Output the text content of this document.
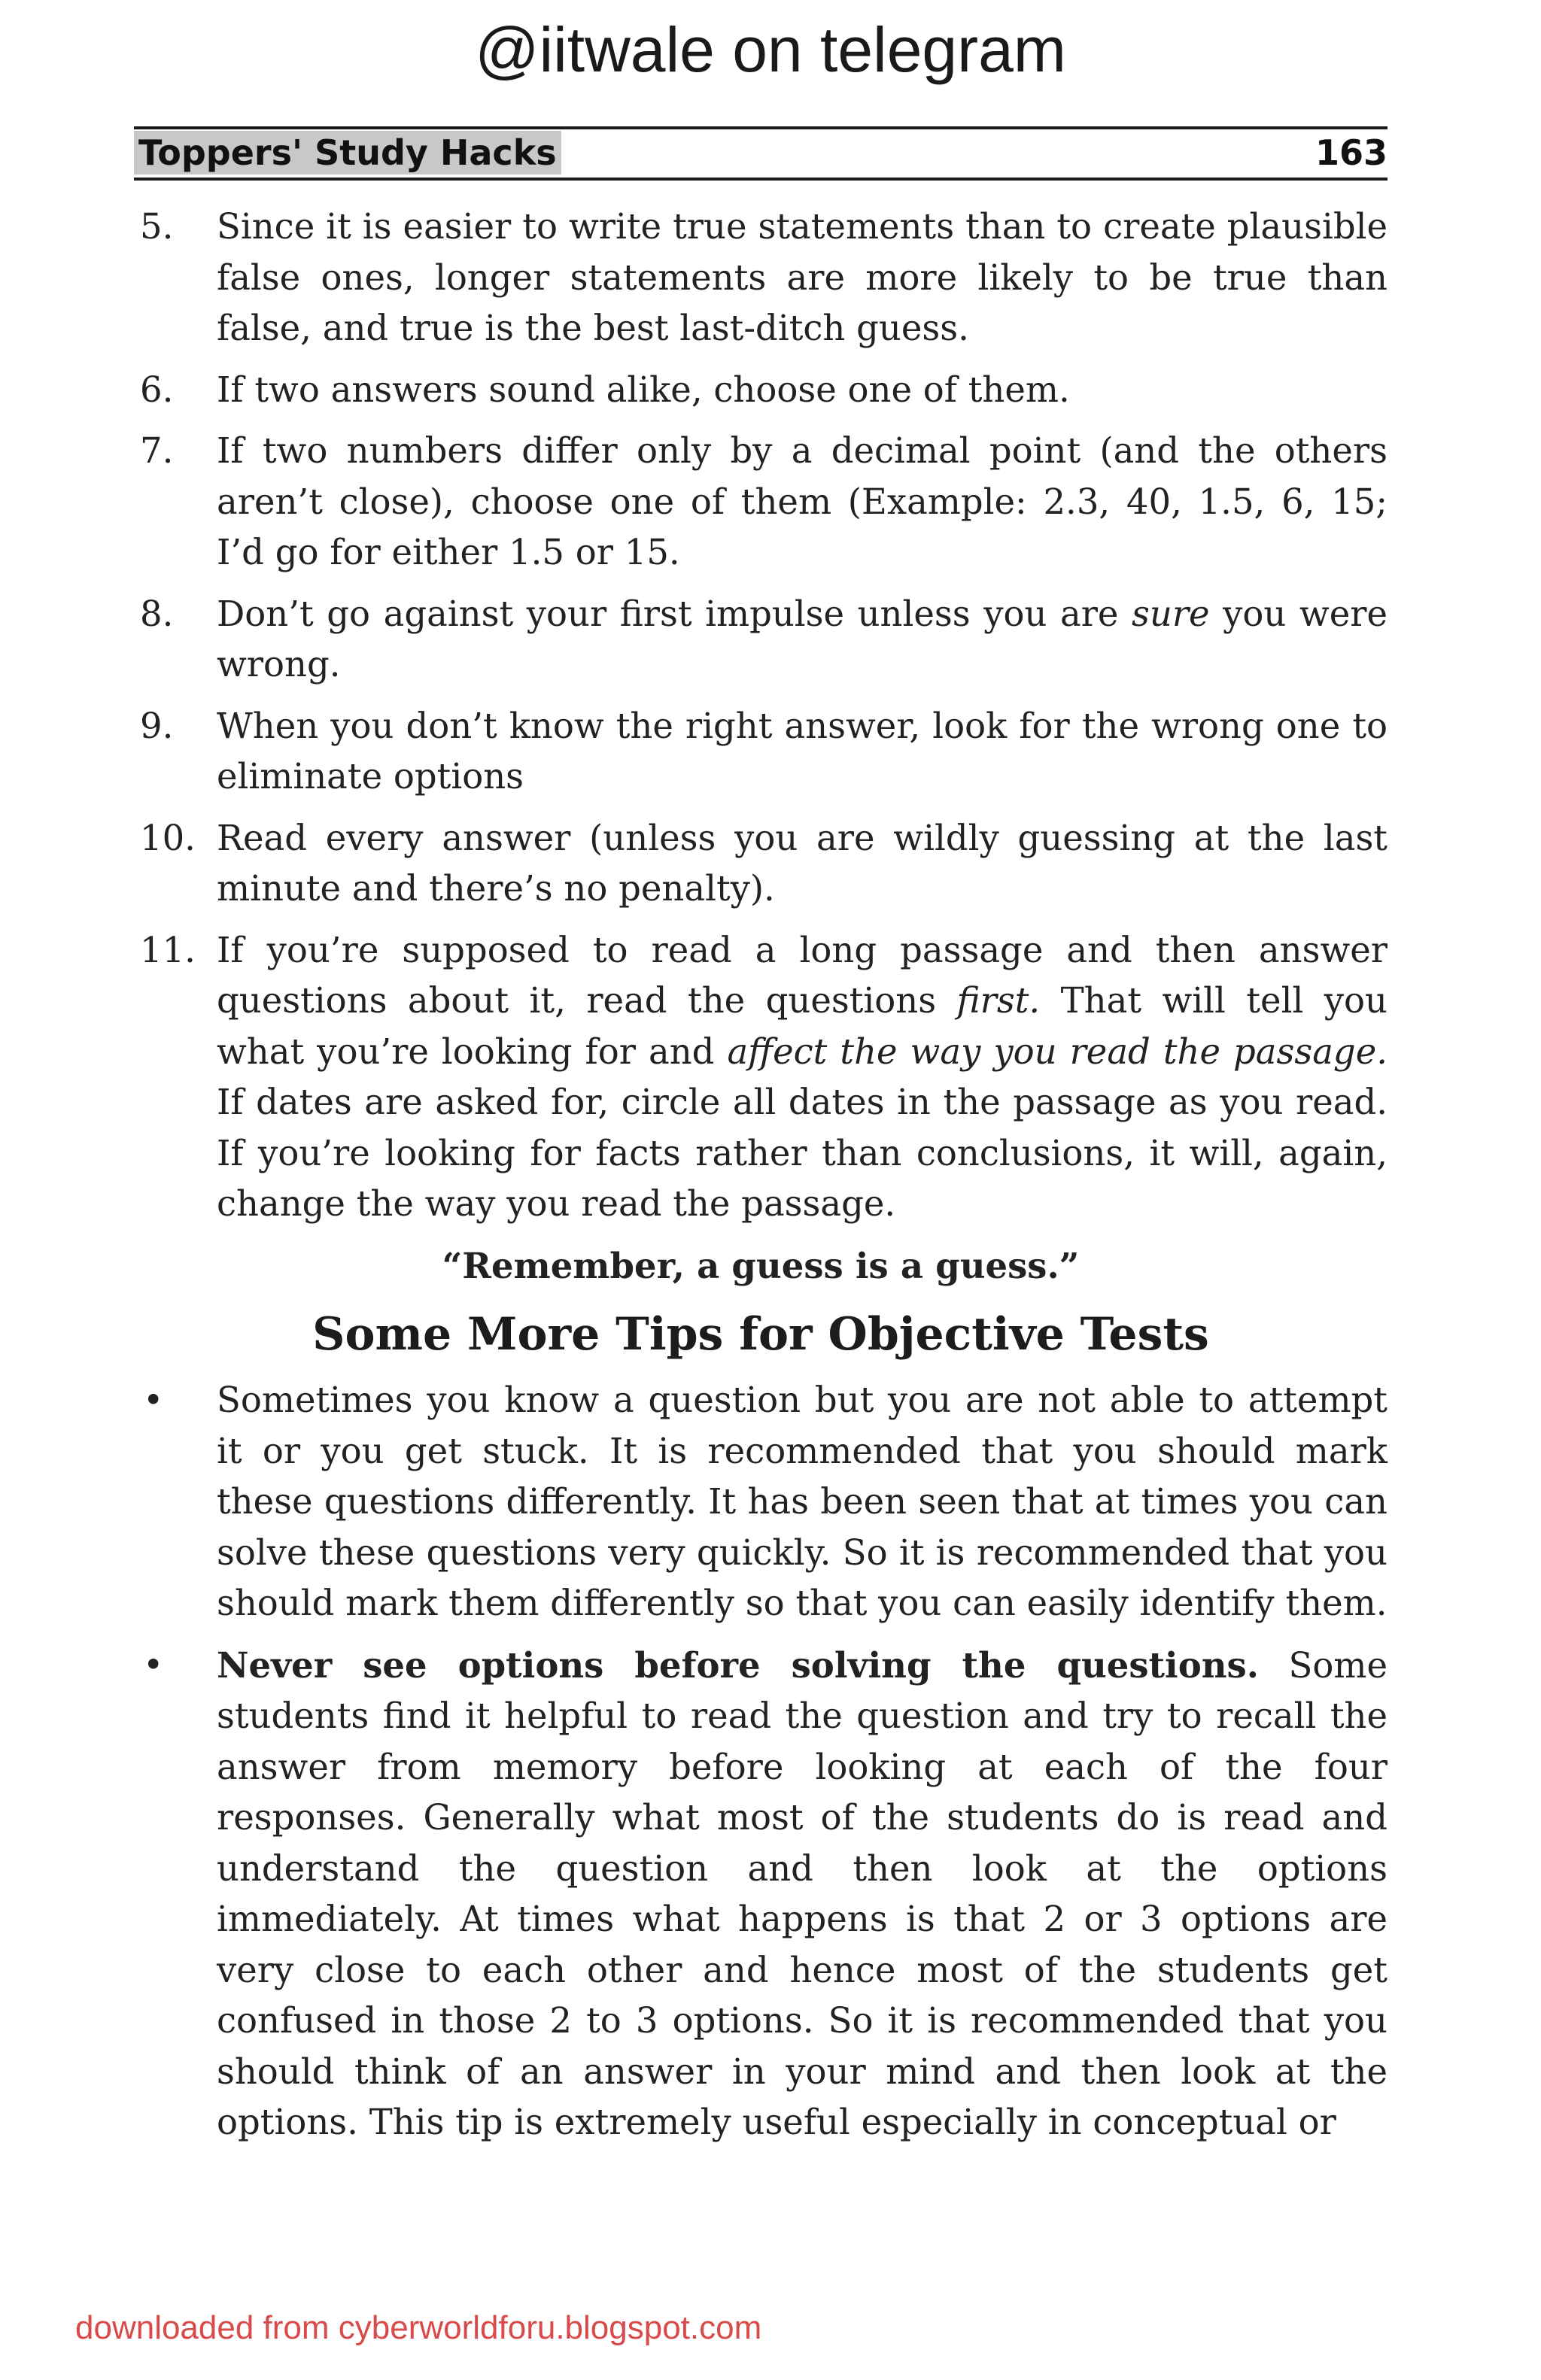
@iitwale on telegram
Toppers' Study Hacks	163
5. Since it is easier to write true statements than to create plausible false ones, longer statements are more likely to be true than false, and true is the best last-ditch guess.
6. If two answers sound alike, choose one of them.
7. If two numbers differ only by a decimal point (and the others aren’t close), choose one of them (Example: 2.3, 40, 1.5, 6, 15; I’d go for either 1.5 or 15.
8. Don’t go against your first impulse unless you are sure you were wrong.
9. When you don’t know the right answer, look for the wrong one to eliminate options
10. Read every answer (unless you are wildly guessing at the last minute and there’s no penalty).
11. If you’re supposed to read a long passage and then answer questions about it, read the questions first. That will tell you what you’re looking for and affect the way you read the passage. If dates are asked for, circle all dates in the passage as you read. If you’re looking for facts rather than conclusions, it will, again, change the way you read the passage.
“Remember, a guess is a guess.”
Some More Tips for Objective Tests
• Sometimes you know a question but you are not able to attempt it or you get stuck. It is recommended that you should mark these questions differently. It has been seen that at times you can solve these questions very quickly. So it is recommended that you should mark them differently so that you can easily identify them.
• Never see options before solving the questions. Some students find it helpful to read the question and try to recall the answer from memory before looking at each of the four responses. Generally what most of the students do is read and understand the question and then look at the options immediately. At times what happens is that 2 or 3 options are very close to each other and hence most of the students get confused in those 2 to 3 options. So it is recommended that you should think of an answer in your mind and then look at the options. This tip is extremely useful especially in conceptual or
downloaded from cyberworldforu.blogspot.com
